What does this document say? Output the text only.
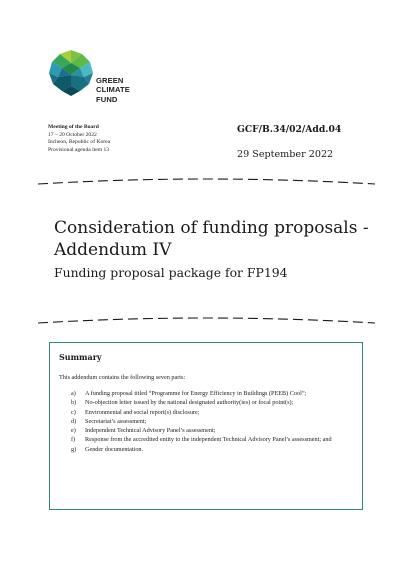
GREEN
CLIMATE
FUND
Meeting of the Board
17 – 20 October 2022
Incheon, Republic of Korea
Provisional agenda item 13
GCF/B.34/02/Add.04
29 September 2022
Consideration of funding proposals -
Addendum IV
Funding proposal package for FP194
Summary
This addendum contains the following seven parts:
a) A funding proposal titled “Programme for Energy Efficiency in Buildings (PEEB) Cool”;
b) No-objection letter issued by the national designated authority(ies) or focal point(s);
c) Environmental and social report(s) disclosure;
d) Secretariat’s assessment;
e) Independent Technical Advisory Panel’s assessment;
f) Response from the accredited entity to the independent Technical Advisory Panel’s assessment; and
g) Gender documentation.
